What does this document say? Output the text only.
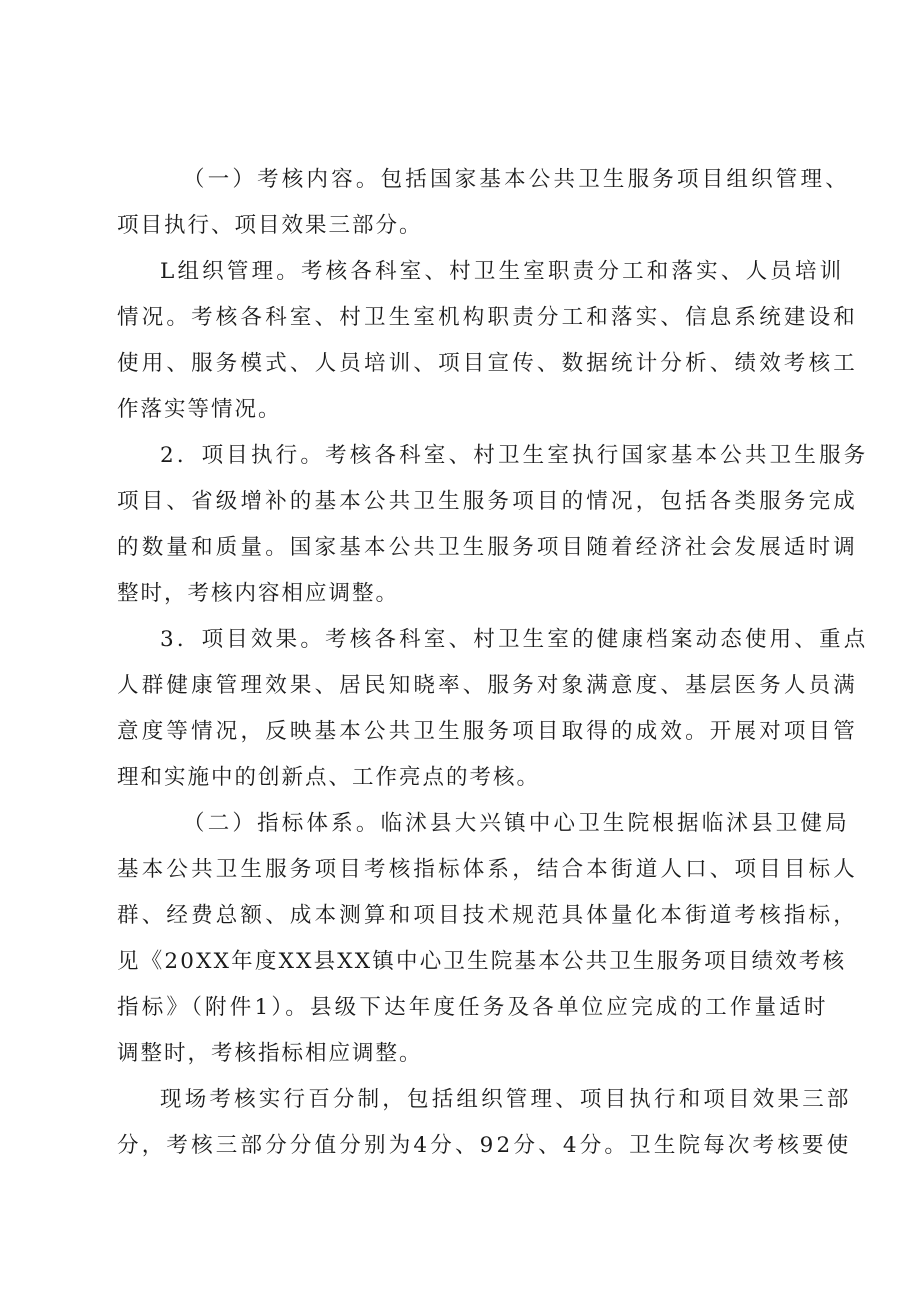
（一）考核内容。包括国家基本公共卫生服务项目组织管理、
项目执行、项目效果三部分。
L组织管理。考核各科室、村卫生室职责分工和落实、人员培训
情况。考核各科室、村卫生室机构职责分工和落实、信息系统建设和
使用、服务模式、人员培训、项目宣传、数据统计分析、绩效考核工
作落实等情况。
2．项目执行。考核各科室、村卫生室执行国家基本公共卫生服务
项目、省级增补的基本公共卫生服务项目的情况，包括各类服务完成
的数量和质量。国家基本公共卫生服务项目随着经济社会发展适时调
整时，考核内容相应调整。
3．项目效果。考核各科室、村卫生室的健康档案动态使用、重点
人群健康管理效果、居民知晓率、服务对象满意度、基层医务人员满
意度等情况，反映基本公共卫生服务项目取得的成效。开展对项目管
理和实施中的创新点、工作亮点的考核。
（二）指标体系。临沭县大兴镇中心卫生院根据临沭县卫健局
基本公共卫生服务项目考核指标体系，结合本街道人口、项目目标人
群、经费总额、成本测算和项目技术规范具体量化本街道考核指标，
见《20XX年度XX县XX镇中心卫生院基本公共卫生服务项目绩效考核
指标》（附件1）。县级下达年度任务及各单位应完成的工作量适时
调整时，考核指标相应调整。
现场考核实行百分制，包括组织管理、项目执行和项目效果三部
分，考核三部分分值分别为4分、92分、4分。卫生院每次考核要使
